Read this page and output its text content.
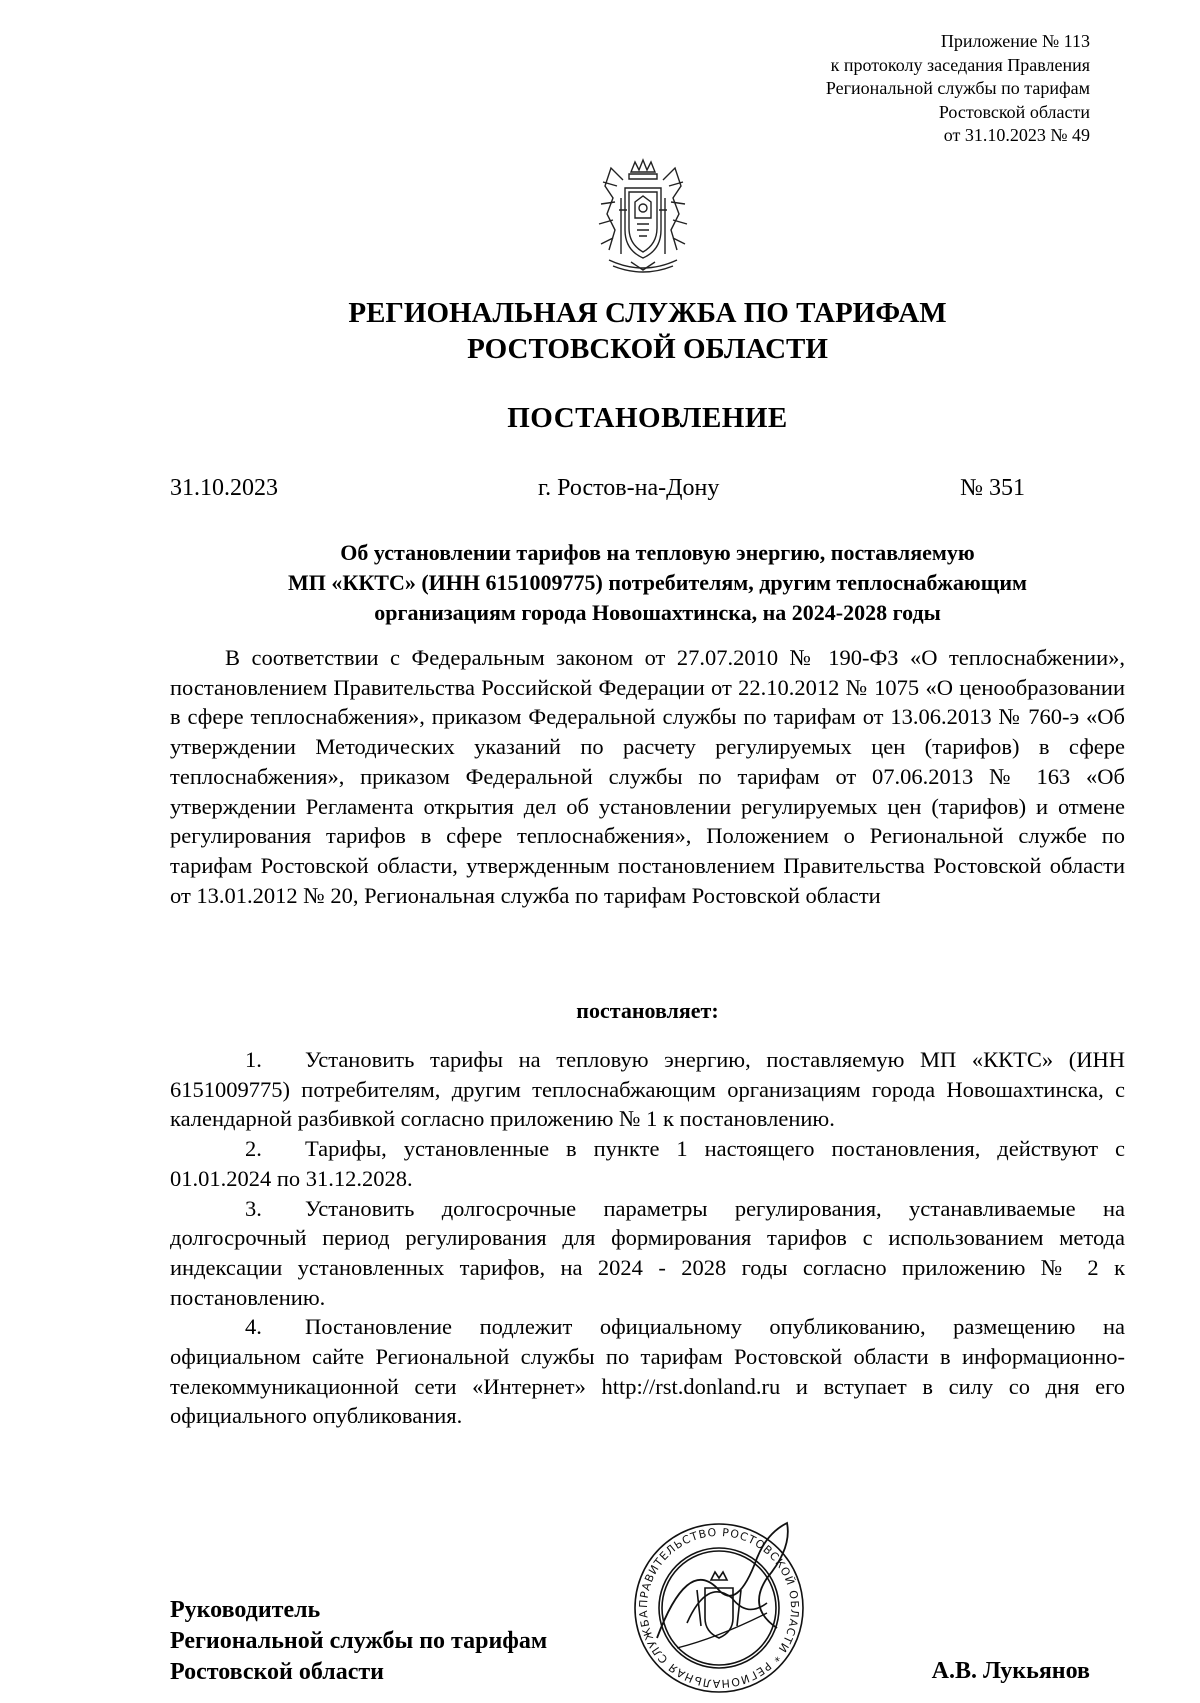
Приложение № 113
к протоколу заседания Правления
Региональной службы по тарифам
Ростовской области
от 31.10.2023 № 49
РЕГИОНАЛЬНАЯ СЛУЖБА ПО ТАРИФАМ
РОСТОВСКОЙ ОБЛАСТИ
ПОСТАНОВЛЕНИЕ
31.10.2023	г. Ростов-на-Дону	№ 351
Об установлении тарифов на тепловую энергию, поставляемую
МП «ККТС» (ИНН 6151009775) потребителям, другим теплоснабжающим
организациям города Новошахтинска, на 2024-2028 годы
В соответствии с Федеральным законом от 27.07.2010 № 190-ФЗ «О теплоснабжении», постановлением Правительства Российской Федерации от 22.10.2012 № 1075 «О ценообразовании в сфере теплоснабжения», приказом Федеральной службы по тарифам от 13.06.2013 № 760-э «Об утверждении Методических указаний по расчету регулируемых цен (тарифов) в сфере теплоснабжения», приказом Федеральной службы по тарифам от 07.06.2013 № 163 «Об утверждении Регламента открытия дел об установлении регулируемых цен (тарифов) и отмене регулирования тарифов в сфере теплоснабжения», Положением о Региональной службе по тарифам Ростовской области, утвержденным постановлением Правительства Ростовской области от 13.01.2012 № 20, Региональная служба по тарифам Ростовской области
постановляет:

1. Установить тарифы на тепловую энергию, поставляемую МП «ККТС» (ИНН 6151009775) потребителям, другим теплоснабжающим организациям города Новошахтинска, с календарной разбивкой согласно приложению № 1 к постановлению.

2. Тарифы, установленные в пункте 1 настоящего постановления, действуют с 01.01.2024 по 31.12.2028.

3. Установить долгосрочные параметры регулирования, устанавливаемые на долгосрочный период регулирования для формирования тарифов с использованием метода индексации установленных тарифов, на 2024 - 2028 годы согласно приложению № 2 к постановлению.

4. Постановление подлежит официальному опубликованию, размещению на официальном сайте Региональной службы по тарифам Ростовской области в информационно-телекоммуникационной сети «Интернет» http://rst.donland.ru и вступает в силу со дня его официального опубликования.

Руководитель
Региональной службы по тарифам
Ростовской области
ПРАВИТЕЛЬСТВО РОСТОВСКОЙ ОБЛАСТИ * РЕГИОНАЛЬНАЯ СЛУЖБА
А.В. Лукьянов
